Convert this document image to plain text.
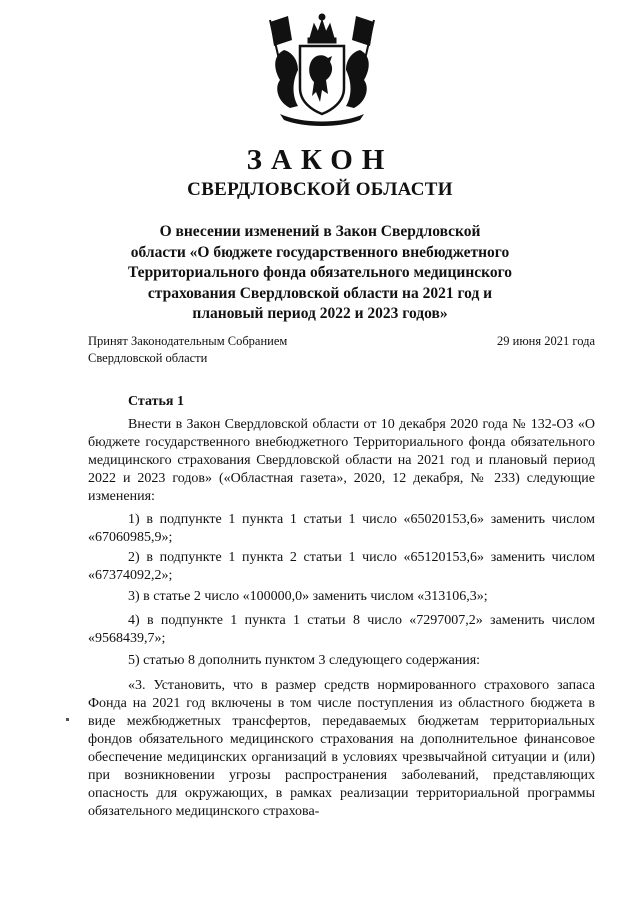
ЗАКОН
СВЕРДЛОВСКОЙ ОБЛАСТИ
О внесении изменений в Закон Свердловской
области «О бюджете государственного внебюджетного
Территориального фонда обязательного медицинского
страхования Свердловской области на 2021 год и
плановый период 2022 и 2023 годов»
Принят Законодательным Собранием
Свердловской области
29 июня 2021 года
Статья 1
Внести в Закон Свердловской области от 10 декабря 2020 года № 132-ОЗ «О бюджете государственного внебюджетного Территориального фонда обязательного медицинского страхования Свердловской области на 2021 год и плановый период 2022 и 2023 годов» («Областная газета», 2020, 12 декабря, № 233) следующие изменения:
1) в подпункте 1 пункта 1 статьи 1 число «65020153,6» заменить числом «67060985,9»;
2) в подпункте 1 пункта 2 статьи 1 число «65120153,6» заменить числом «67374092,2»;
3) в статье 2 число «100000,0» заменить числом «313106,3»;
4) в подпункте 1 пункта 1 статьи 8 число «7297007,2» заменить числом «9568439,7»;
5) статью 8 дополнить пунктом 3 следующего содержания:
«3. Установить, что в размер средств нормированного страхового запаса Фонда на 2021 год включены в том числе поступления из областного бюджета в виде межбюджетных трансфертов, передаваемых бюджетам территориальных фондов обязательного медицинского страхования на дополнительное финансовое обеспечение медицинских организаций в условиях чрезвычайной ситуации и (или) при возникновении угрозы распространения заболеваний, представляющих опасность для окружающих, в рамках реализации территориальной программы обязательного медицинского страхова-
